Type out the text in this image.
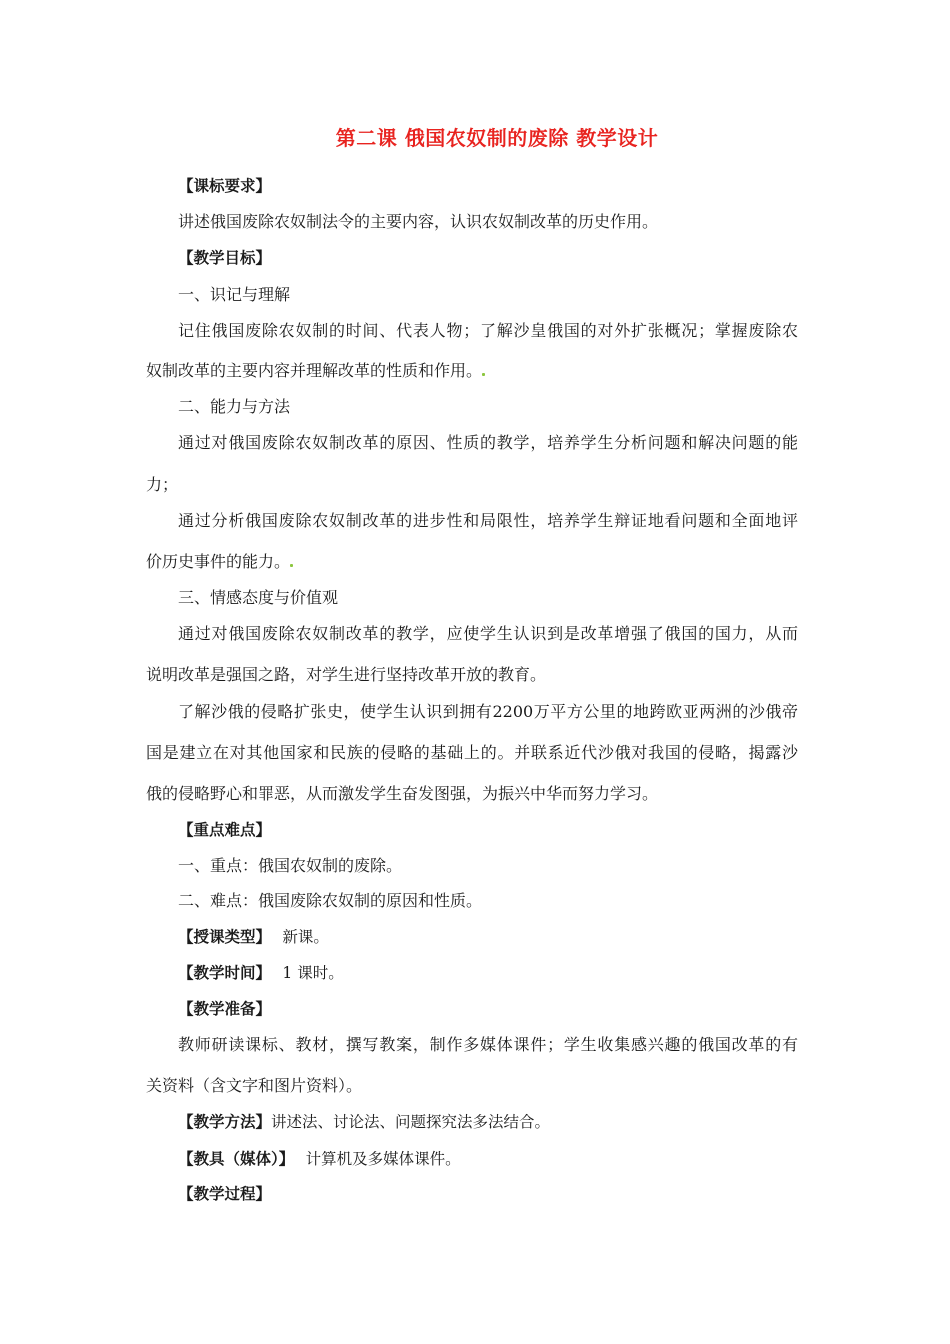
第二课 俄国农奴制的废除 教学设计
【课标要求】
讲述俄国废除农奴制法令的主要内容，认识农奴制改革的历史作用。
【教学目标】
一、识记与理解
记住俄国废除农奴制的时间、代表人物；了解沙皇俄国的对外扩张概况；掌握废除农
奴制改革的主要内容并理解改革的性质和作用。
二、能力与方法
通过对俄国废除农奴制改革的原因、性质的教学，培养学生分析问题和解决问题的能
力；
通过分析俄国废除农奴制改革的进步性和局限性，培养学生辩证地看问题和全面地评
价历史事件的能力。
三、情感态度与价值观
通过对俄国废除农奴制改革的教学，应使学生认识到是改革增强了俄国的国力，从而
说明改革是强国之路，对学生进行坚持改革开放的教育。
了解沙俄的侵略扩张史，使学生认识到拥有2200万平方公里的地跨欧亚两洲的沙俄帝
国是建立在对其他国家和民族的侵略的基础上的。并联系近代沙俄对我国的侵略，揭露沙
俄的侵略野心和罪恶，从而激发学生奋发图强，为振兴中华而努力学习。
【重点难点】
一、重点：俄国农奴制的废除。
二、难点：俄国废除农奴制的原因和性质。
【授课类型】 新课。
【教学时间】 1 课时。
【教学准备】
教师研读课标、教材，撰写教案，制作多媒体课件；学生收集感兴趣的俄国改革的有
关资料（含文字和图片资料）。
【教学方法】讲述法、讨论法、问题探究法多法结合。
【教具（媒体）】 计算机及多媒体课件。
【教学过程】
